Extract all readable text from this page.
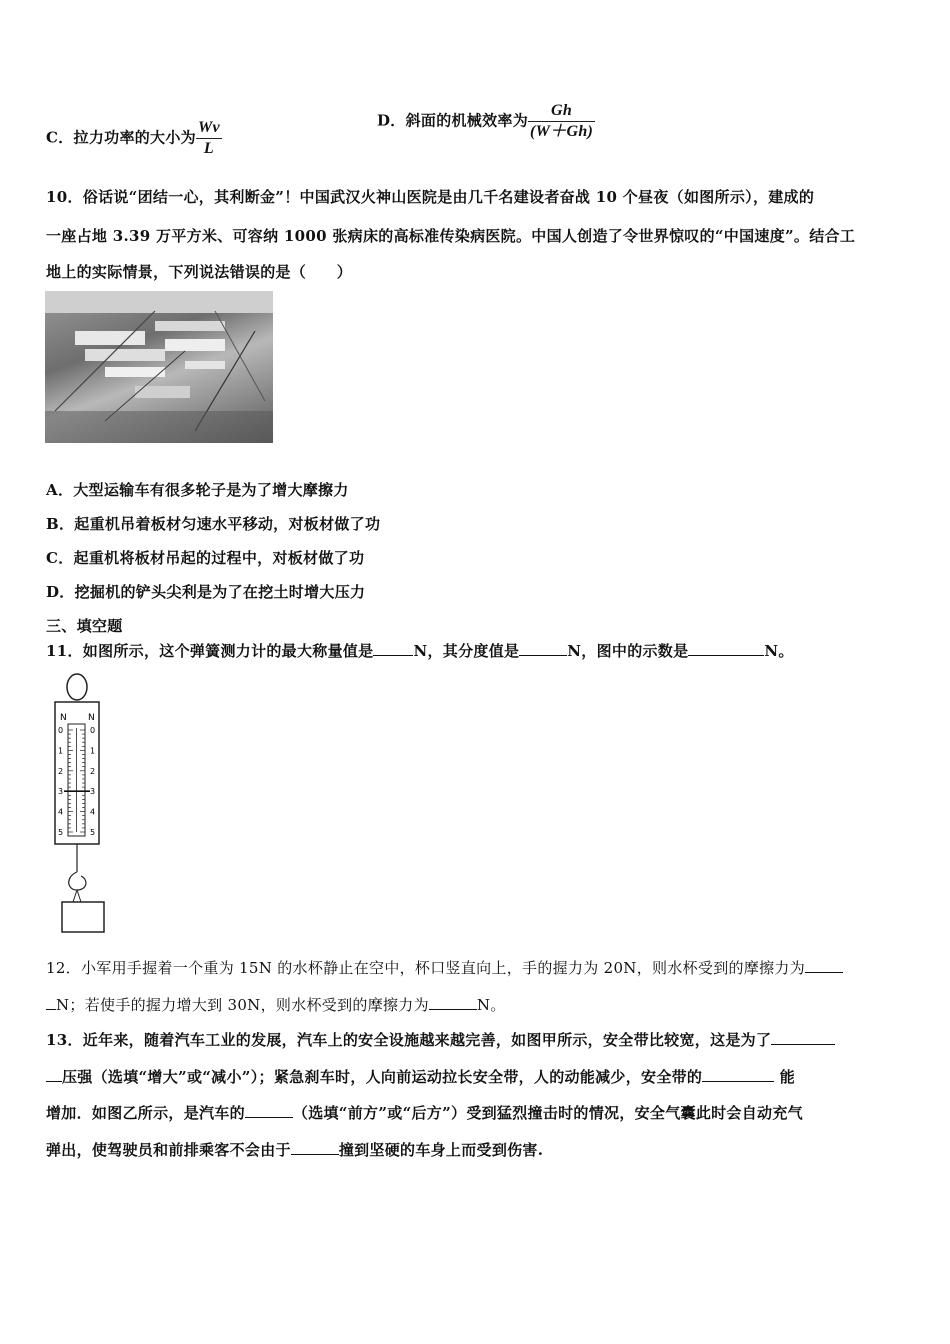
C．拉力功率的大小为 $\frac{Wv}{L}$	D．斜面的机械效率为 $\frac{Gh}{(W+Gh)}$
10．俗话说“团结一心，其利断金”！中国武汉火神山医院是由几千名建设者奋战 10 个昼夜（如图所示），建成的
一座占地 3.39 万平方米、可容纳 1000 张病床的高标准传染病医院。中国人创造了令世界惊叹的“中国速度”。结合工
地上的实际情景，下列说法错误的是（　　）
A．大型运输车有很多轮子是为了增大摩擦力
B．起重机吊着板材匀速水平移动，对板材做了功
C．起重机将板材吊起的过程中，对板材做了功
D．挖掘机的铲头尖利是为了在挖土时增大压力
三、填空题
11．如图所示，这个弹簧测力计的最大称量值是	N，其分度值是	N，图中的示数是	N。
N N
0	0
1	1
2	2
3	3
4	4
5	5
12．小军用手握着一个重为 15N 的水杯静止在空中，杯口竖直向上，手的握力为 20N，则水杯受到的摩擦力为
N；若使手的握力增大到 30N，则水杯受到的摩擦力为	N。
13．近年来，随着汽车工业的发展，汽车上的安全设施越来越完善，如图甲所示，安全带比较宽，这是为了
压强（选填“增大”或“减小”）；紧急刹车时，人向前运动拉长安全带，人的动能减少，安全带的	能
增加．如图乙所示，是汽车的	（选填“前方”或“后方”）受到猛烈撞击时的情况，安全气囊此时会自动充气
弹出，使驾驶员和前排乘客不会由于	撞到坚硬的车身上而受到伤害.
